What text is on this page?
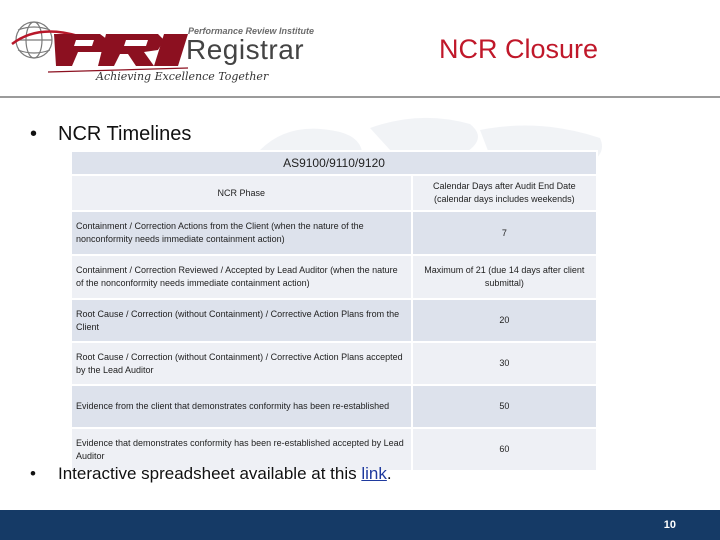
Performance Review Institute
Registrar
Achieving Excellence Together
NCR Closure
• NCR Timelines
AS9100/9110/9120	
NCR Phase	Calendar Days after Audit End Date (calendar days includes weekends)
Containment / Correction Actions from the Client (when the nature of the nonconformity needs immediate containment action)	7
Containment / Correction Reviewed / Accepted by Lead Auditor (when the nature of the nonconformity needs immediate containment action)	Maximum of 21 (due 14 days after client submittal)
Root Cause / Correction (without Containment) / Corrective Action Plans from the Client	20
Root Cause / Correction (without Containment) / Corrective Action Plans accepted by the Lead Auditor	30
Evidence from the client that demonstrates conformity has been re-established	50
Evidence that demonstrates conformity has been re-established accepted by Lead Auditor	60
• Interactive spreadsheet available at this link.
10
